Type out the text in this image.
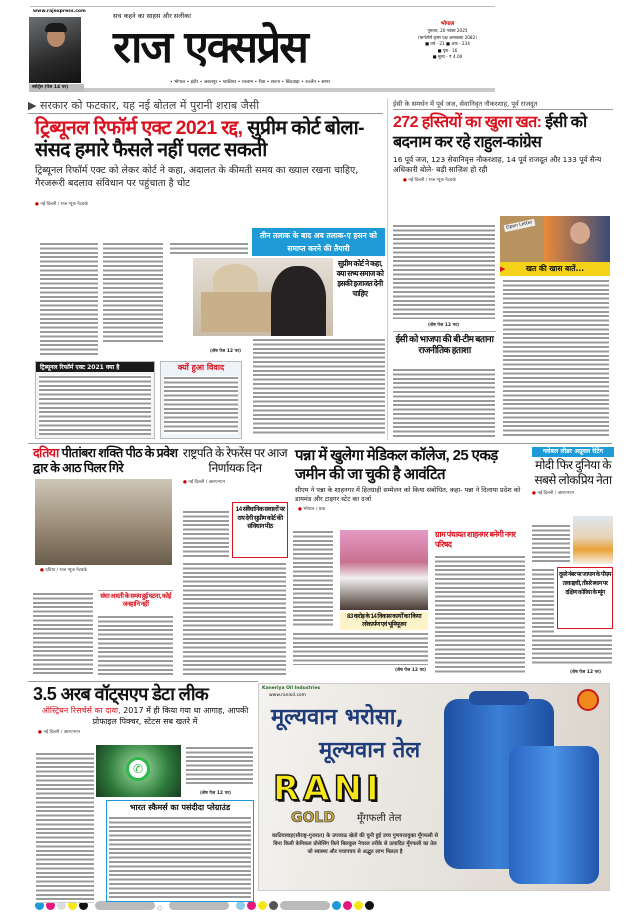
www.rajexpress.com
स्पोर्ट्स (पेज 14 पर)
सच कहने का साहस और सलीका
राज एक्सप्रेस
• भोपाल • इंदौर • जबलपुर • ग्वालियर • रतलाम • रीवा • सतना • छिंदवाड़ा • उज्जैन • सागर
भोपाल
गुरुवार, 20 नवंबर 2025
(मार्गशीर्ष कृष्ण पक्ष अमावस्या 2082)
■ वर्ष - 21 ■ अंक - 234
■ पृष्ठ - 16
■ मूल्य - ₹ 4.00
▶ सरकार को फटकार, यह नई बोतल में पुरानी शराब जैसी
ट्रिब्यूनल रिफॉर्म एक्ट 2021 रद्द, सुप्रीम कोर्ट बोला- संसद हमारे फैसले नहीं पलट सकती
ट्रिब्यूनल रिफॉर्म एक्ट को लेकर कोर्ट ने कहा, अदालत के कीमती समय का ख्याल रखना चाहिए, गैरजरूरी बदलाव संविधान पर पहुंचाता है चोट
● नई दिल्ली / राज न्यूज नेटवर्क
(शेष पेज 12 पर)
तीन तलाक के बाद अब तलाक-ए हसन को समाप्त करने की तैयारी
सुप्रीम कोर्ट ने कहा, क्या सभ्य समाज को इसकी इजाजत देनी चाहिए
ट्रिब्यूनल रिफॉर्म एक्ट 2021 क्या है	क्यों हुआ विवाद
ईसी के समर्थन में पूर्व जज, सेवानिवृत नौकरशाह, पूर्व राजदूत
272 हस्तियों का खुला खत: ईसी को बदनाम कर रहे राहुल-कांग्रेस
16 पूर्व जज, 123 सेवानिवृत्त नौकरशाह, 14 पूर्व राजदूत और 133 पूर्व सैन्य अधिकारी बोले- बड़ी साजिश हो रही
● नई दिल्ली / राज न्यूज नेटवर्क
(शेष पेज 12 पर)
ईसी को भाजपा की बी-टीम बताना राजनीतिक हताशा
Open Letter
▶	खत की खास बातें...
दतिया पीतांबरा शक्ति पीठ के प्रवेश द्वार के आठ पिलर गिरे
● दतिया / राज न्यूज नेटवर्क
संघा आरती के समय हुई घटना, कोई जनहानि नहीं
राष्ट्रपति के रेफरेंस पर आज निर्णायक दिन
● नई दिल्ली / आरएनएन
14 संवैधानिक सवालों पर राय देगी सुप्रीम कोर्ट की संविधान पीठ
पन्ना में खुलेगा मेडिकल कॉलेज, 25 एकड़ जमीन की जा चुकी है आवंटित
सीएम ने पन्ना के शाहनगर में हितग्राही सम्मेलन को किया संबोधित, कहा- पन्ना ने दिलाया प्रदेश को डायमंड और टाइगर स्टेट का दर्जा
● भोपाल / प्रवा
83 करोड़ के 14 विकास कार्यों का किया लोकार्पण एवं भूमिपूजन
(शेष पेज 12 पर)
ग्राम पंचायत शाहनगर बनेगी नगर परिषद
ग्लोबल लीडर अप्रूवल रेटिंग
मोदी फिर दुनिया के सबसे लोकप्रिय नेता
● नई दिल्ली / आरएनएन
दूसरे नंबर पर जापान के पीएम ताकाइची, तीसरे स्थान पर दक्षिण कोरिया के म्यूंग
(शेष पेज 12 पर)
3.5 अरब वॉट्सएप डेटा लीक
ऑस्ट्रियन रिसर्चर्स का दावा, 2017 में ही किया गया था आगाह, आपकी प्रोफाइल पिक्चर, स्टेटस सब खतरे में
● नई दिल्ली / आरएनएन
✆
(शेष पेज 12 पर)
भारत स्कैमर्स का पसंदीदा प्लेग्राउंड
Kaneriya Oil Industries
www.ranioil.com
मूल्यवान भरोसा,
मूल्यवान तेल
RANI
GOLD मूँगफली तेल
काठियावाड़(सौराष्ट्र-गुजरात) के उपजाऊ खेतो की चुनी हुई उच्च गुणवत्तायुक्त मूँगफली से बिना किसी केमिकल प्रोसेसिंग किये बिलकुल नेचरल तरीके से उत्पादित मूँगफली का तेल जो स्वास्थ्य और पचापचय से अद्भुत लाभ मिलता है
◇
